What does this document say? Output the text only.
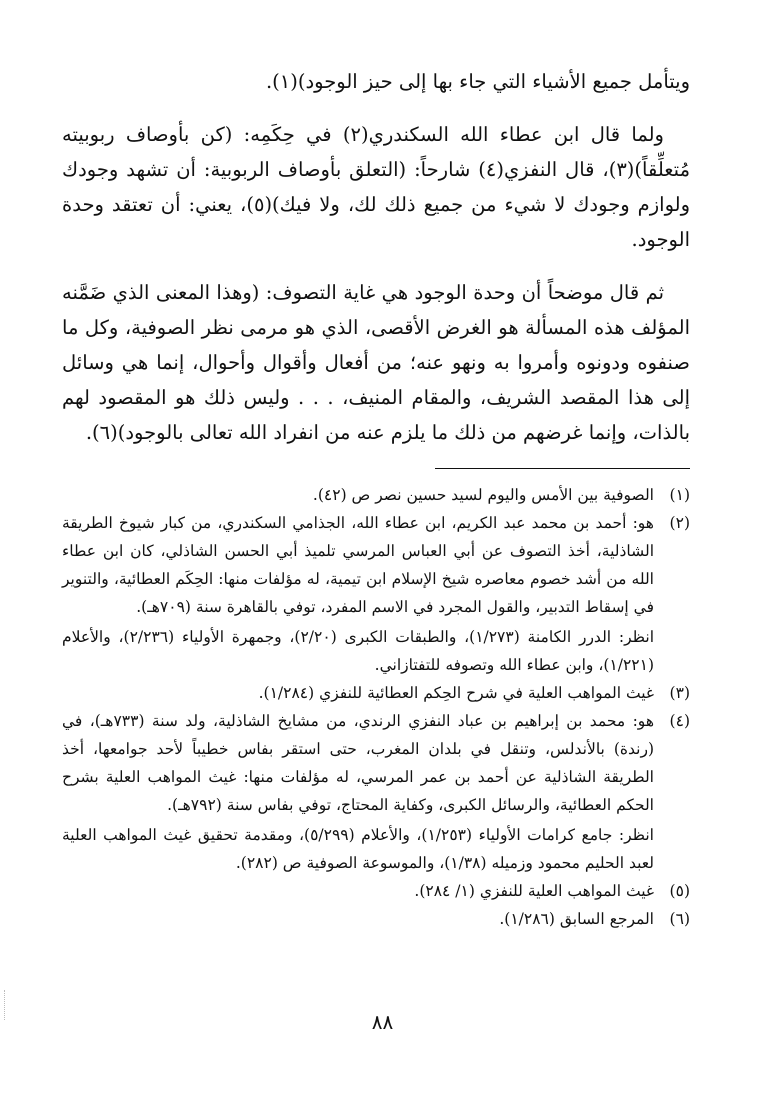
ويتأمل جميع الأشياء التي جاء بها إلى حيز الوجود)(١).

ولما قال ابن عطاء الله السكندري(٢) في حِكَمِه: (كن بأوصاف ربوبيته مُتعلِّقاً)(٣)، قال النفزي(٤) شارحاً: (التعلق بأوصاف الربوبية: أن تشهد وجودك ولوازم وجودك لا شيء من جميع ذلك لك، ولا فيك)(٥)، يعني: أن تعتقد وحدة الوجود.

ثم قال موضحاً أن وحدة الوجود هي غاية التصوف: (وهذا المعنى الذي ضَمَّنه المؤلف هذه المسألة هو الغرض الأقصى، الذي هو مرمى نظر الصوفية، وكل ما صنفوه ودونوه وأمروا به ونهو عنه؛ من أفعال وأقوال وأحوال، إنما هي وسائل إلى هذا المقصد الشريف، والمقام المنيف، . . . وليس ذلك هو المقصود لهم بالذات، وإنما غرضهم من ذلك ما يلزم عنه من انفراد الله تعالى بالوجود)(٦).

(١)
الصوفية بين الأمس واليوم لسيد حسين نصر ص (٤٢).
(٢)
هو: أحمد بن محمد عبد الكريم، ابن عطاء الله، الجذامي السكندري، من كبار شيوخ الطريقة الشاذلية، أخذ التصوف عن أبي العباس المرسي تلميذ أبي الحسن الشاذلي، كان ابن عطاء الله من أشد خصوم معاصره شيخ الإسلام ابن تيمية، له مؤلفات منها: الحِكَم العطائية، والتنوير في إسقاط التدبير، والقول المجرد في الاسم المفرد، توفي بالقاهرة سنة (٧٠٩هـ).

انظر: الدرر الكامنة (١/٢٧٣)، والطبقات الكبرى (٢/٢٠)، وجمهرة الأولياء (٢/٢٣٦)، والأعلام (١/٢٢١)، وابن عطاء الله وتصوفه للتفتازاني.

(٣)
غيث المواهب العلية في شرح الحِكم العطائية للنفزي (١/٢٨٤).
(٤)
هو: محمد بن إبراهيم بن عباد النفزي الرندي، من مشايخ الشاذلية، ولد سنة (٧٣٣هـ)، في (رندة) بالأندلس، وتنقل في بلدان المغرب، حتى استقر بفاس خطيباً لأحد جوامعها، أخذ الطريقة الشاذلية عن أحمد بن عمر المرسي، له مؤلفات منها: غيث المواهب العلية بشرح الحكم العطائية، والرسائل الكبرى، وكفاية المحتاج، توفي بفاس سنة (٧٩٢هـ).

انظر: جامع كرامات الأولياء (١/٢٥٣)، والأعلام (٥/٢٩٩)، ومقدمة تحقيق غيث المواهب العلية لعبد الحليم محمود وزميله (١/٣٨)، والموسوعة الصوفية ص (٢٨٢).

(٥)
غيث المواهب العلية للنفزي (١/ ٢٨٤).
(٦)
المرجع السابق (١/٢٨٦).
٨٨
